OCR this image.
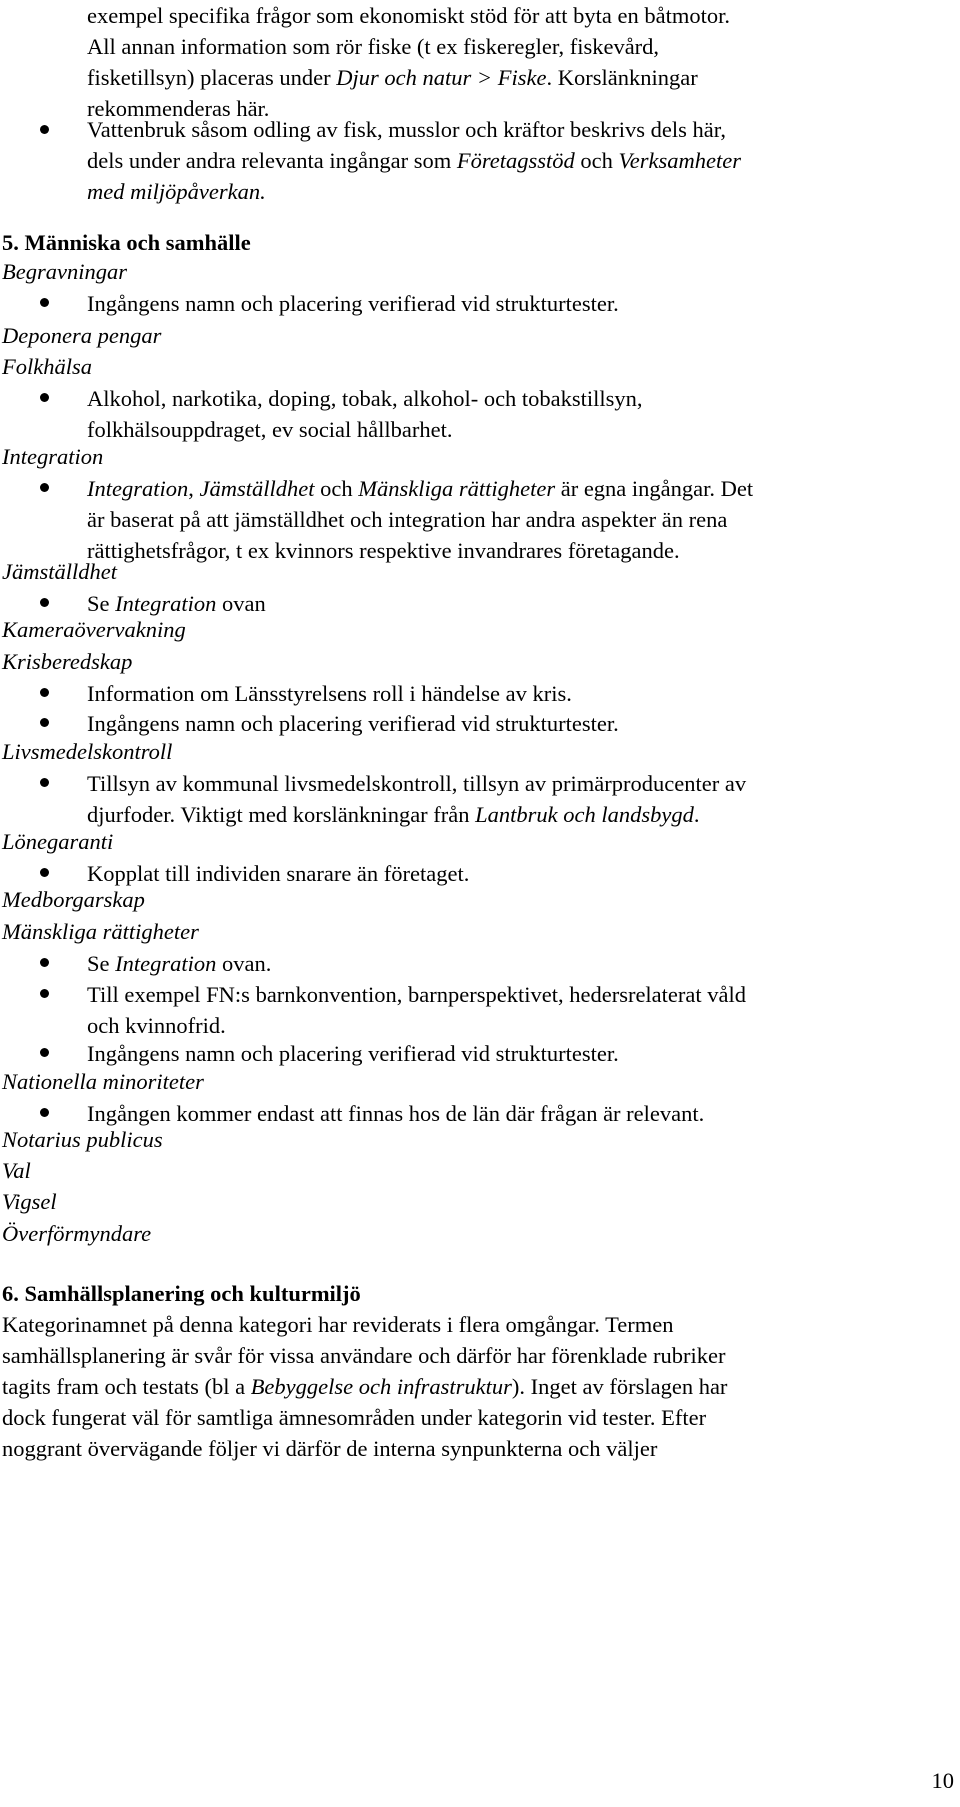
exempel specifika frågor som ekonomiskt stöd för att byta en båtmotor.
All annan information som rör fiske (t ex fiskeregler, fiskevård,
fisketillsyn) placeras under Djur och natur > Fiske. Korslänkningar
rekommenderas här.

Vattenbruk såsom odling av fisk, musslor och kräftor beskrivs dels här,
dels under andra relevanta ingångar som Företagsstöd och Verksamheter
med miljöpåverkan.

5. Människa och samhälle

Begravningar

Ingångens namn och placering verifierad vid strukturtester.

Deponera pengar

Folkhälsa

Alkohol, narkotika, doping, tobak, alkohol- och tobakstillsyn,
folkhälsouppdraget, ev social hållbarhet.

Integration

Integration, Jämställdhet och Mänskliga rättigheter är egna ingångar. Det
är baserat på att jämställdhet och integration har andra aspekter än rena
rättighetsfrågor, t ex kvinnors respektive invandrares företagande.

Jämställdhet

Se Integration ovan

Kameraövervakning

Krisberedskap

Information om Länsstyrelsens roll i händelse av kris.

Ingångens namn och placering verifierad vid strukturtester.

Livsmedelskontroll

Tillsyn av kommunal livsmedelskontroll, tillsyn av primärproducenter av
djurfoder. Viktigt med korslänkningar från Lantbruk och landsbygd.

Lönegaranti

Kopplat till individen snarare än företaget.

Medborgarskap

Mänskliga rättigheter

Se Integration ovan.

Till exempel FN:s barnkonvention, barnperspektivet, hedersrelaterat våld
och kvinnofrid.

Ingångens namn och placering verifierad vid strukturtester.

Nationella minoriteter

Ingången kommer endast att finnas hos de län där frågan är relevant.

Notarius publicus

Val

Vigsel

Överförmyndare

6. Samhällsplanering och kulturmiljö

Kategorinamnet på denna kategori har reviderats i flera omgångar. Termen
samhällsplanering är svår för vissa användare och därför har förenklade rubriker
tagits fram och testats (bl a Bebyggelse och infrastruktur). Inget av förslagen har
dock fungerat väl för samtliga ämnesområden under kategorin vid tester. Efter
noggrant övervägande följer vi därför de interna synpunkterna och väljer

10
